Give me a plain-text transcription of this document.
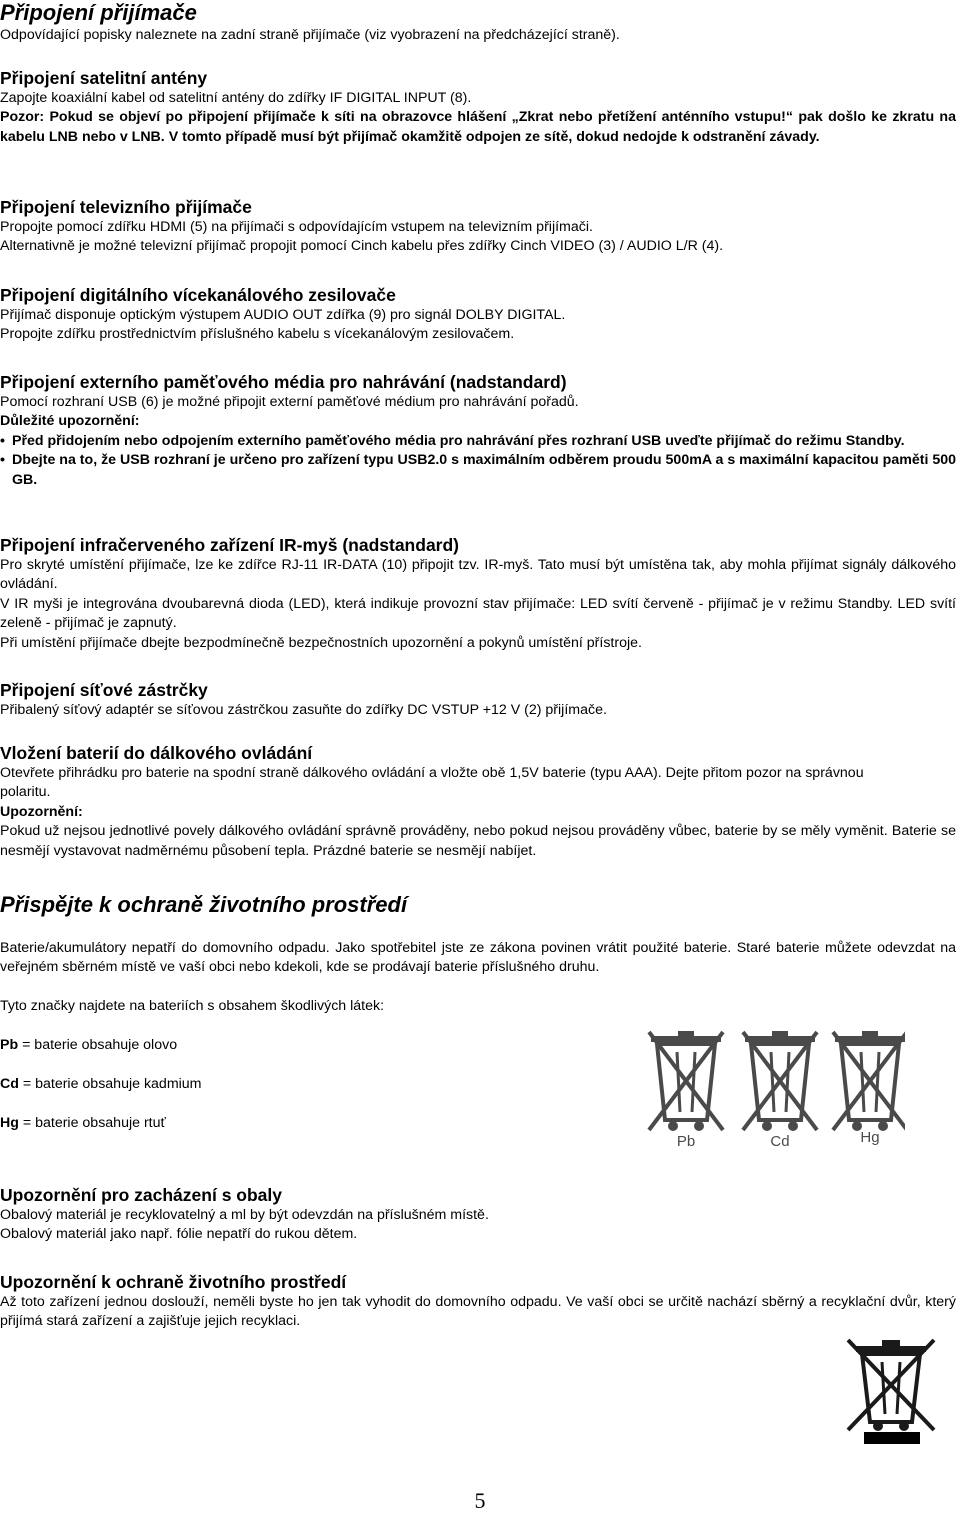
Připojení přijímače

Odpovídající popisky naleznete na zadní straně přijímače (viz vyobrazení na předcházející straně).

Připojení satelitní antény

Zapojte koaxiální kabel od satelitní antény do zdířky IF DIGITAL INPUT (8).

Pozor: Pokud se objeví po připojení přijímače k síti na obrazovce hlášení „Zkrat nebo přetížení anténního vstupu!“ pak došlo ke zkratu na kabelu LNB nebo v LNB. V tomto případě musí být přijímač okamžitě odpojen ze sítě, dokud nedojde k odstranění závady.

Připojení televizního přijímače

Propojte pomocí zdířku HDMI (5) na přijímači s odpovídajícím vstupem na televizním přijímači.

Alternativně je možné televizní přijímač propojit pomocí Cinch kabelu přes zdířky Cinch VIDEO (3) / AUDIO L/R (4).

Připojení digitálního vícekanálového zesilovače

Přijímač disponuje optickým výstupem AUDIO OUT zdířka (9) pro signál DOLBY DIGITAL.

Propojte zdířku prostřednictvím příslušného kabelu s vícekanálovým zesilovačem.

Připojení externího paměťového média pro nahrávání (nadstandard)

Pomocí rozhraní USB (6) je možné připojit externí paměťové médium pro nahrávání pořadů.

Důležité upozornění:

• Před přidojením nebo odpojením externího paměťového média pro nahrávání přes rozhraní USB uveďte přijímač do režimu Standby.

• Dbejte na to, že USB rozhraní je určeno pro zařízení typu USB2.0 s maximálním odběrem proudu 500mA a s maximální kapacitou paměti 500 GB.

Připojení infračerveného zařízení IR-myš (nadstandard)

Pro skryté umístění přijímače, lze ke zdířce RJ-11 IR-DATA (10) připojit tzv. IR-myš. Tato musí být umístěna tak, aby mohla přijímat signály dálkového ovládání.

V IR myši je integrována dvoubarevná dioda (LED), která indikuje provozní stav přijímače: LED svítí červeně - přijímač je v režimu Standby. LED svítí zeleně - přijímač je zapnutý.

Při umístění přijímače dbejte bezpodmínečně bezpečnostních upozornění a pokynů umístění přístroje.

Připojení síťové zástrčky

Přibalený síťový adaptér se síťovou zástrčkou zasuňte do zdířky DC VSTUP +12 V (2) přijímače.

Vložení baterií do dálkového ovládání

Otevřete přihrádku pro baterie na spodní straně dálkového ovládání a vložte obě 1,5V baterie (typu AAA). Dejte přitom pozor na správnou polaritu.

Upozornění:

Pokud už nejsou jednotlivé povely dálkového ovládání správně prováděny, nebo pokud nejsou prováděny vůbec, baterie by se měly vyměnit. Baterie se nesmějí vystavovat nadměrnému působení tepla. Prázdné baterie se nesmějí nabíjet.

Přispějte k ochraně životního prostředí

Baterie/akumulátory nepatří do domovního odpadu. Jako spotřebitel jste ze zákona povinen vrátit použité baterie. Staré baterie můžete odevzdat na veřejném sběrném místě ve vaší obci nebo kdekoli, kde se prodávají baterie příslušného druhu.

Tyto značky najdete na bateriích s obsahem škodlivých látek:

Pb = baterie obsahuje olovo

Cd = baterie obsahuje kadmium

Hg = baterie obsahuje rtuť

Pb	Cd	Hg
Upozornění pro zacházení s obaly

Obalový materiál je recyklovatelný a ml by být odevzdán na příslušném místě.

Obalový materiál jako např. fólie nepatří do rukou dětem.

Upozornění k ochraně životního prostředí

Až toto zařízení jednou doslouží, neměli byste ho jen tak vyhodit do domovního odpadu. Ve vaší obci se určitě nachází sběrný a recyklační dvůr, který přijímá stará zařízení a zajišťuje jejich recyklaci.

5
